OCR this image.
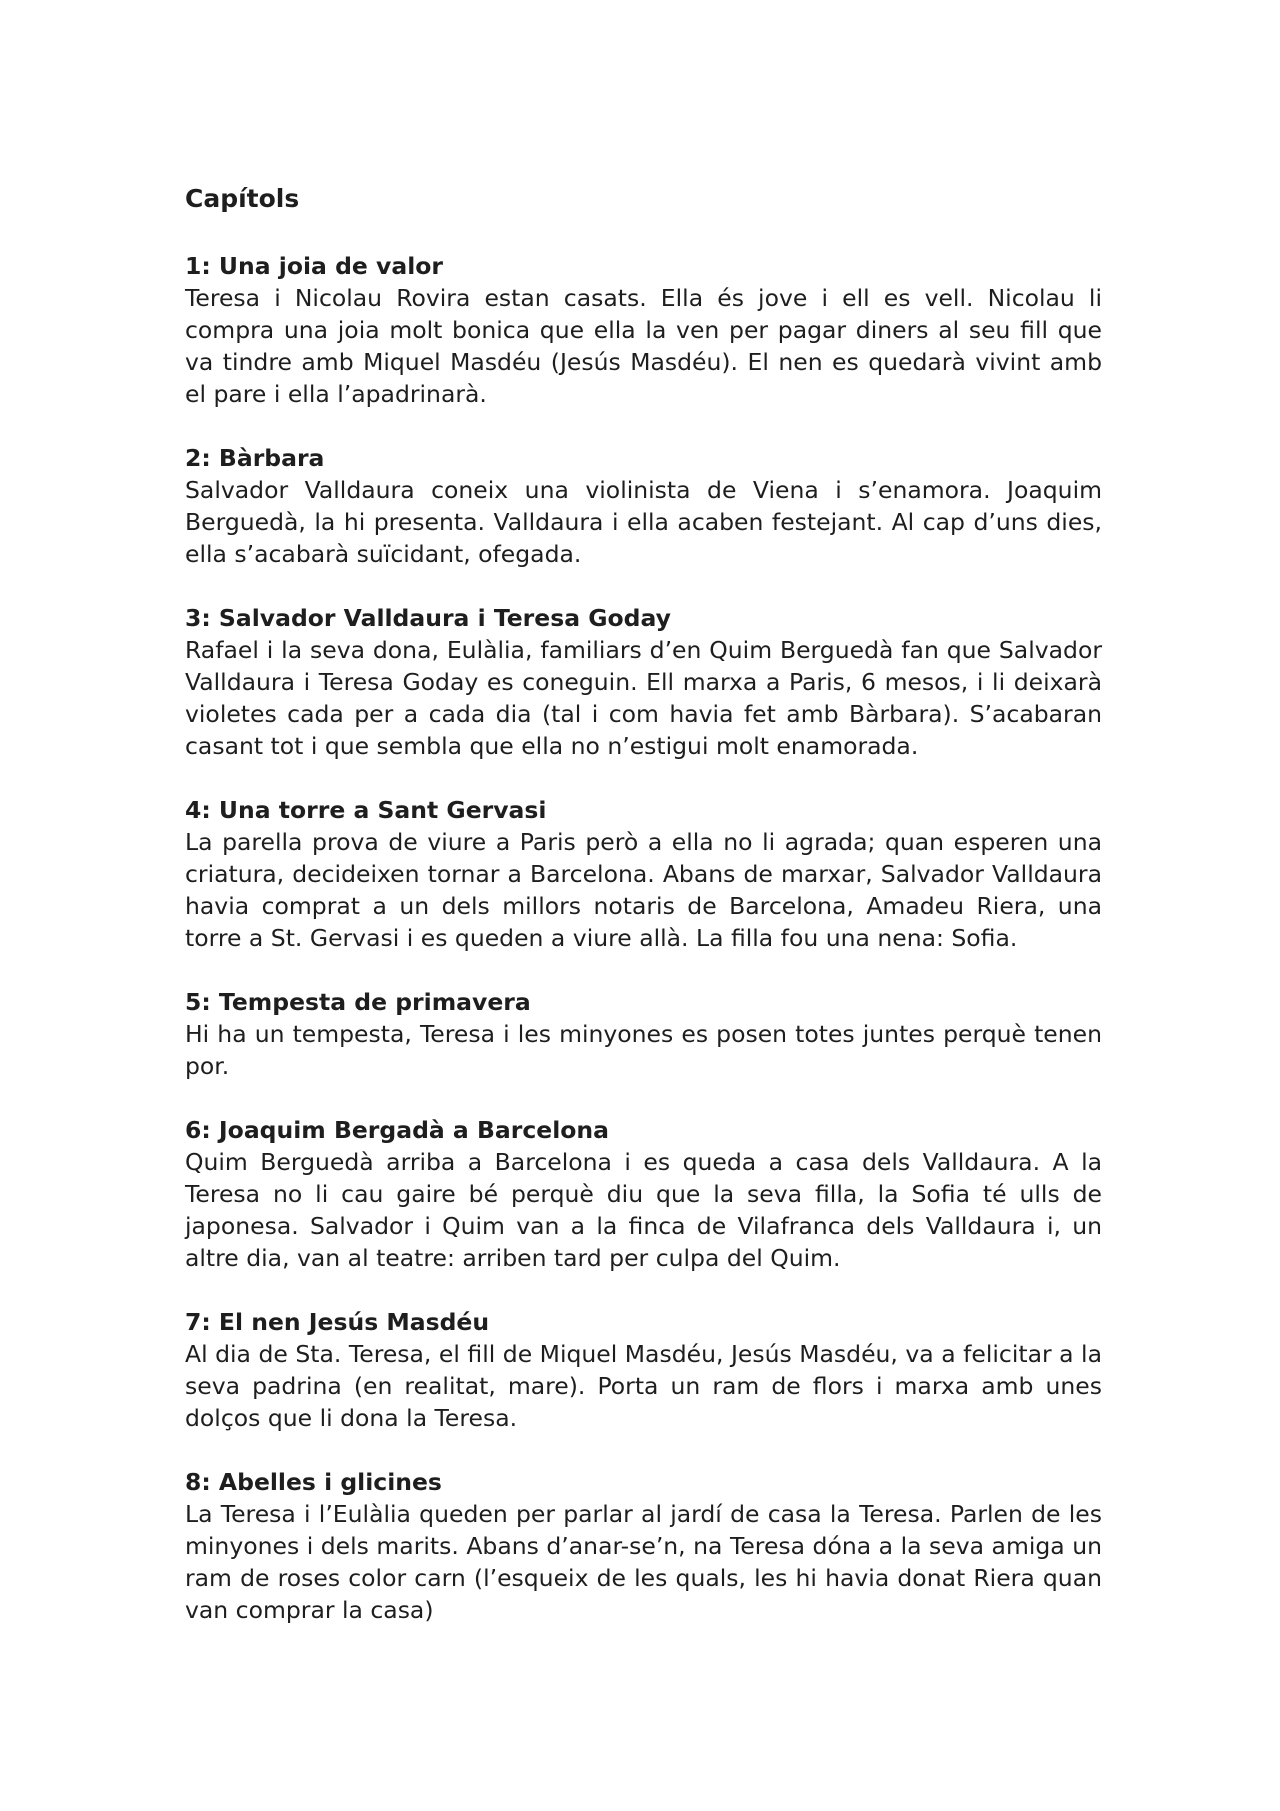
Capítols

1: Una joia de valor

Teresa i Nicolau Rovira estan casats. Ella és jove i ell es vell. Nicolau li compra una joia molt bonica que ella la ven per pagar diners al seu fill que va tindre amb Miquel Masdéu (Jesús Masdéu). El nen es quedarà vivint amb el pare i ella l’apadrinarà.

2: Bàrbara

Salvador Valldaura coneix una violinista de Viena i s’enamora. Joaquim Berguedà, la hi presenta. Valldaura i ella acaben festejant. Al cap d’uns dies, ella s’acabarà suïcidant, ofegada.

3: Salvador Valldaura i Teresa Goday

Rafael i la seva dona, Eulàlia, familiars d’en Quim Berguedà fan que Salvador Valldaura i Teresa Goday es coneguin. Ell marxa a Paris, 6 mesos, i li deixarà violetes cada per a cada dia (tal i com havia fet amb Bàrbara). S’acabaran casant tot i que sembla que ella no n’estigui molt enamorada.

4: Una torre a Sant Gervasi

La parella prova de viure a Paris però a ella no li agrada; quan esperen una criatura, decideixen tornar a Barcelona. Abans de marxar, Salvador Valldaura havia comprat a un dels millors notaris de Barcelona, Amadeu Riera, una torre a St. Gervasi i es queden a viure allà. La filla fou una nena: Sofia.

5: Tempesta de primavera

Hi ha un tempesta, Teresa i les minyones es posen totes juntes perquè tenen por.

6: Joaquim Bergadà a Barcelona

Quim Berguedà arriba a Barcelona i es queda a casa dels Valldaura. A la Teresa no li cau gaire bé perquè diu que la seva filla, la Sofia té ulls de japonesa. Salvador i Quim van a la finca de Vilafranca dels Valldaura i, un altre dia, van al teatre: arriben tard per culpa del Quim.

7: El nen Jesús Masdéu

Al dia de Sta. Teresa, el fill de Miquel Masdéu, Jesús Masdéu, va a felicitar a la seva padrina (en realitat, mare). Porta un ram de flors i marxa amb unes dolços que li dona la Teresa.

8: Abelles i glicines

La Teresa i l’Eulàlia queden per parlar al jardí de casa la Teresa. Parlen de les minyones i dels marits. Abans d’anar-se’n, na Teresa dóna a la seva amiga un ram de roses color carn (l’esqueix de les quals, les hi havia donat Riera quan van comprar la casa)
